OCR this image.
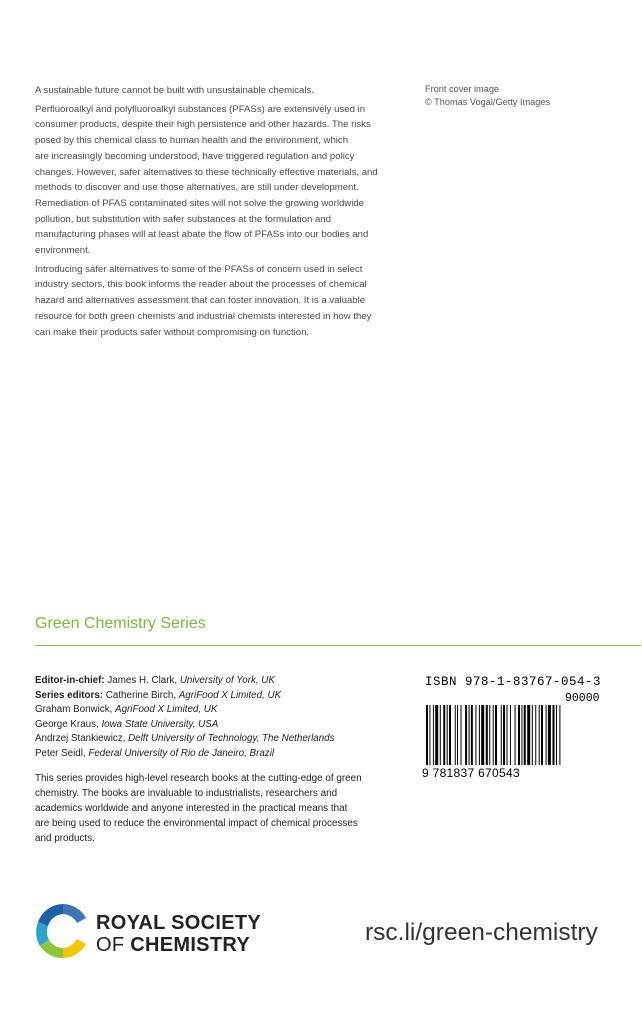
A sustainable future cannot be built with unsustainable chemicals.

Perfluoroalkyl and polyfluoroalkyl substances (PFASs) are extensively used in
consumer products, despite their high persistence and other hazards. The risks
posed by this chemical class to human health and the environment, which
are increasingly becoming understood, have triggered regulation and policy
changes. However, safer alternatives to these technically effective materials, and
methods to discover and use those alternatives, are still under development.
Remediation of PFAS contaminated sites will not solve the growing worldwide
pollution, but substitution with safer substances at the formulation and
manufacturing phases will at least abate the flow of PFASs into our bodies and
environment.

Introducing safer alternatives to some of the PFASs of concern used in select
industry sectors, this book informs the reader about the processes of chemical
hazard and alternatives assessment that can foster innovation. It is a valuable
resource for both green chemists and industrial chemists interested in how they
can make their products safer without compromising on function.

Front cover image
© Thomas Vogal/Getty Images
Green Chemistry Series
Editor-in-chief: James H. Clark, University of York, UK
Series editors: Catherine Birch, AgriFood X Limited, UK
Graham Bonwick, AgriFood X Limited, UK
George Kraus, Iowa State University, USA
Andrzej Stankiewicz, Delft University of Technology, The Netherlands
Peter Seidl, Federal University of Rio de Janeiro, Brazil
This series provides high-level research books at the cutting-edge of green
chemistry. The books are invaluable to industrialists, researchers and
academics worldwide and anyone interested in the practical means that
are being used to reduce the environmental impact of chemical processes
and products.
ISBN 978-1-83767-054-3
90000
9 781837 670543
ROYAL SOCIETY
OF CHEMISTRY	rsc.li/green-chemistry
